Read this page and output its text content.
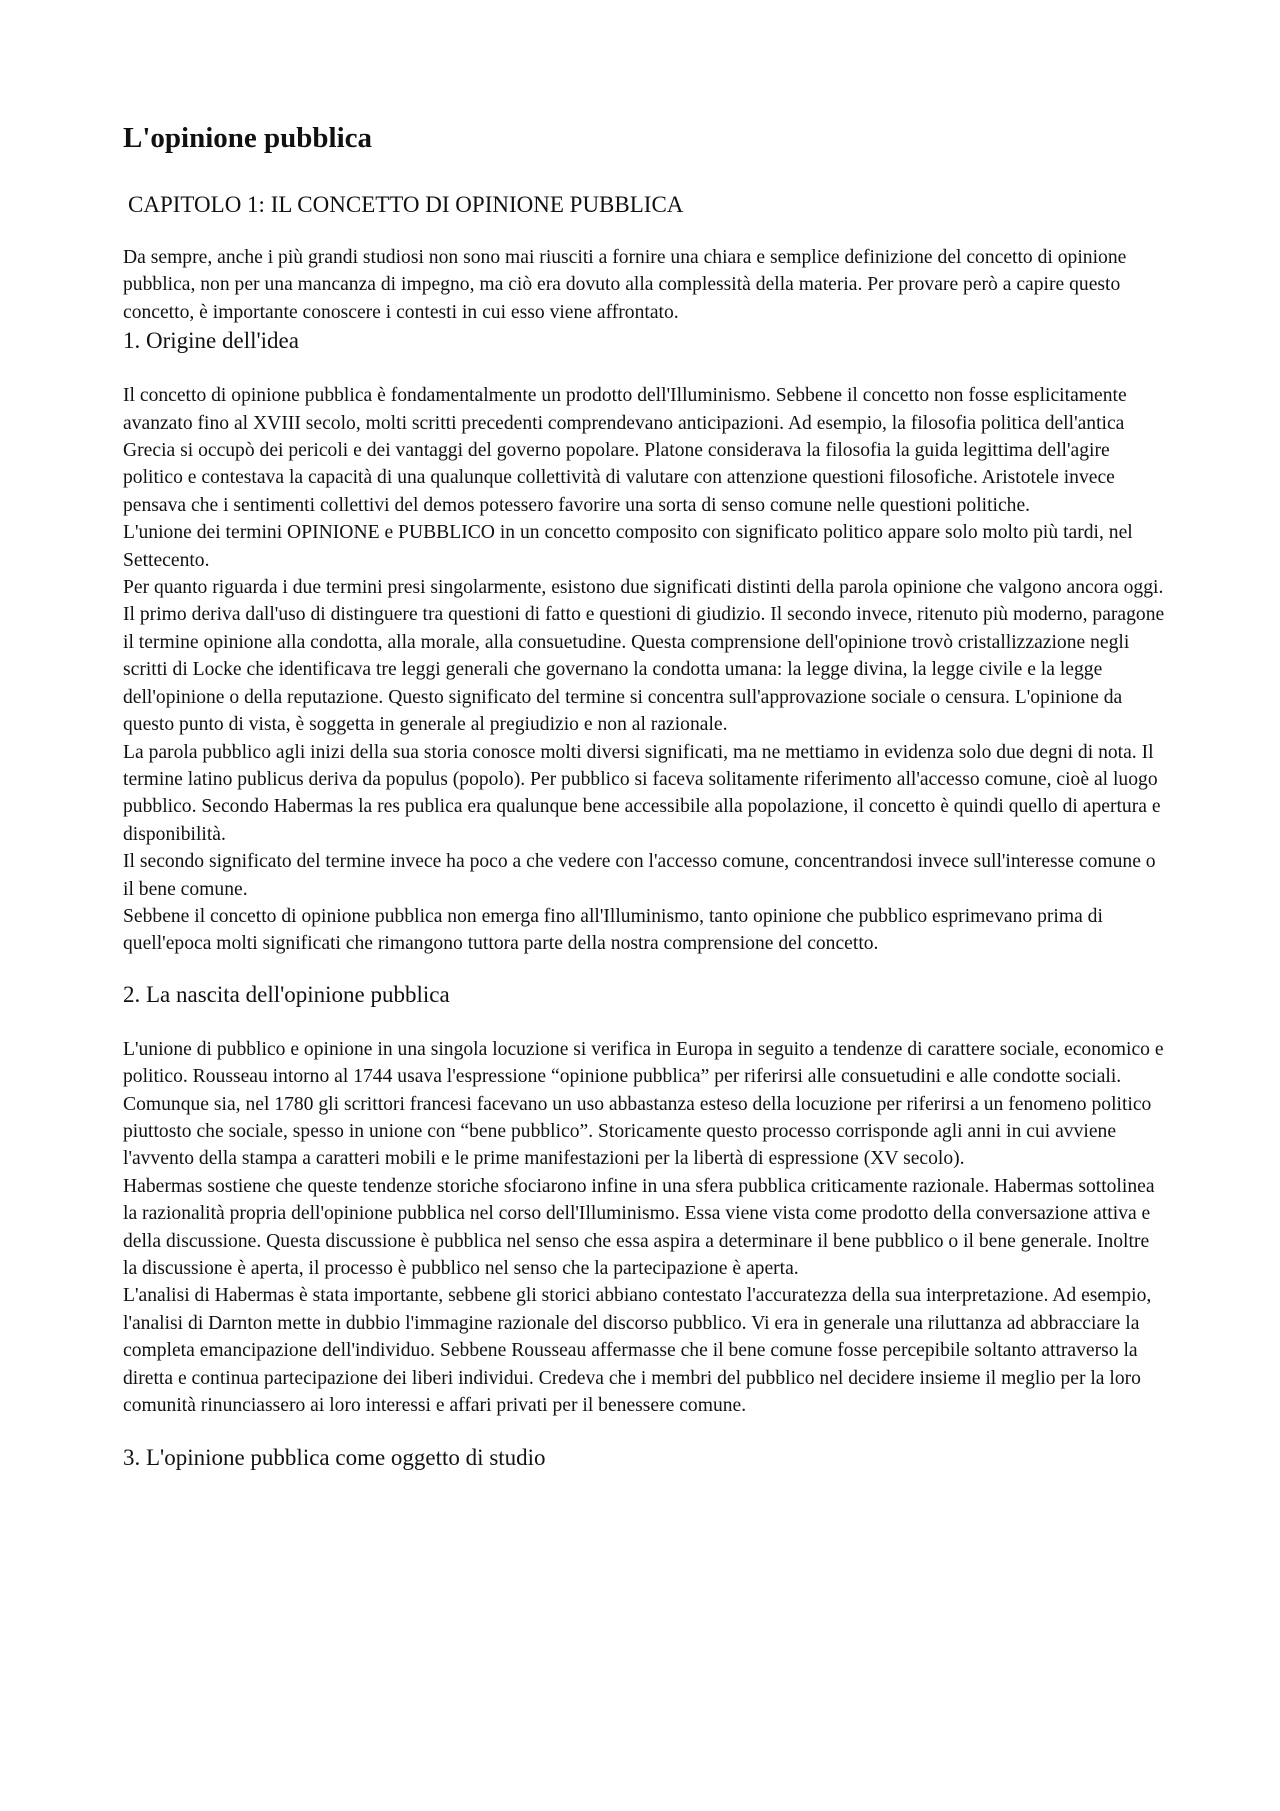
L'opinione pubblica
CAPITOLO 1: IL CONCETTO DI OPINIONE PUBBLICA

Da sempre, anche i più grandi studiosi non sono mai riusciti a fornire una chiara e semplice definizione del concetto di opinione pubblica, non per una mancanza di impegno, ma ciò era dovuto alla complessità della materia. Per provare però a capire questo concetto, è importante conoscere i contesti in cui esso viene affrontato.

1. Origine dell'idea

Il concetto di opinione pubblica è fondamentalmente un prodotto dell'Illuminismo. Sebbene il concetto non fosse esplicitamente avanzato fino al XVIII secolo, molti scritti precedenti comprendevano anticipazioni. Ad esempio, la filosofia politica dell'antica Grecia si occupò dei pericoli e dei vantaggi del governo popolare. Platone considerava la filosofia la guida legittima dell'agire politico e contestava la capacità di una qualunque collettività di valutare con attenzione questioni filosofiche. Aristotele invece pensava che i sentimenti collettivi del demos potessero favorire una sorta di senso comune nelle questioni politiche.

L'unione dei termini OPINIONE e PUBBLICO in un concetto composito con significato politico appare solo molto più tardi, nel Settecento.

Per quanto riguarda i due termini presi singolarmente, esistono due significati distinti della parola opinione che valgono ancora oggi. Il primo deriva dall'uso di distinguere tra questioni di fatto e questioni di giudizio. Il secondo invece, ritenuto più moderno, paragone il termine opinione alla condotta, alla morale, alla consuetudine. Questa comprensione dell'opinione trovò cristallizzazione negli scritti di Locke che identificava tre leggi generali che governano la condotta umana: la legge divina, la legge civile e la legge dell'opinione o della reputazione. Questo significato del termine si concentra sull'approvazione sociale o censura. L'opinione da questo punto di vista, è soggetta in generale al pregiudizio e non al razionale.

La parola pubblico agli inizi della sua storia conosce molti diversi significati, ma ne mettiamo in evidenza solo due degni di nota. Il termine latino publicus deriva da populus (popolo). Per pubblico si faceva solitamente riferimento all'accesso comune, cioè al luogo pubblico. Secondo Habermas la res publica era qualunque bene accessibile alla popolazione, il concetto è quindi quello di apertura e disponibilità.

Il secondo significato del termine invece ha poco a che vedere con l'accesso comune, concentrandosi invece sull'interesse comune o il bene comune.

Sebbene il concetto di opinione pubblica non emerga fino all'Illuminismo, tanto opinione che pubblico esprimevano prima di quell'epoca molti significati che rimangono tuttora parte della nostra comprensione del concetto.

2. La nascita dell'opinione pubblica

L'unione di pubblico e opinione in una singola locuzione si verifica in Europa in seguito a tendenze di carattere sociale, economico e politico. Rousseau intorno al 1744 usava l'espressione “opinione pubblica” per riferirsi alle consuetudini e alle condotte sociali. Comunque sia, nel 1780 gli scrittori francesi facevano un uso abbastanza esteso della locuzione per riferirsi a un fenomeno politico piuttosto che sociale, spesso in unione con “bene pubblico”. Storicamente questo processo corrisponde agli anni in cui avviene l'avvento della stampa a caratteri mobili e le prime manifestazioni per la libertà di espressione (XV secolo).

Habermas sostiene che queste tendenze storiche sfociarono infine in una sfera pubblica criticamente razionale. Habermas sottolinea la razionalità propria dell'opinione pubblica nel corso dell'Illuminismo. Essa viene vista come prodotto della conversazione attiva e della discussione. Questa discussione è pubblica nel senso che essa aspira a determinare il bene pubblico o il bene generale. Inoltre la discussione è aperta, il processo è pubblico nel senso che la partecipazione è aperta.

L'analisi di Habermas è stata importante, sebbene gli storici abbiano contestato l'accuratezza della sua interpretazione. Ad esempio, l'analisi di Darnton mette in dubbio l'immagine razionale del discorso pubblico. Vi era in generale una riluttanza ad abbracciare la completa emancipazione dell'individuo. Sebbene Rousseau affermasse che il bene comune fosse percepibile soltanto attraverso la diretta e continua partecipazione dei liberi individui. Credeva che i membri del pubblico nel decidere insieme il meglio per la loro comunità rinunciassero ai loro interessi e affari privati per il benessere comune.

3. L'opinione pubblica come oggetto di studio
